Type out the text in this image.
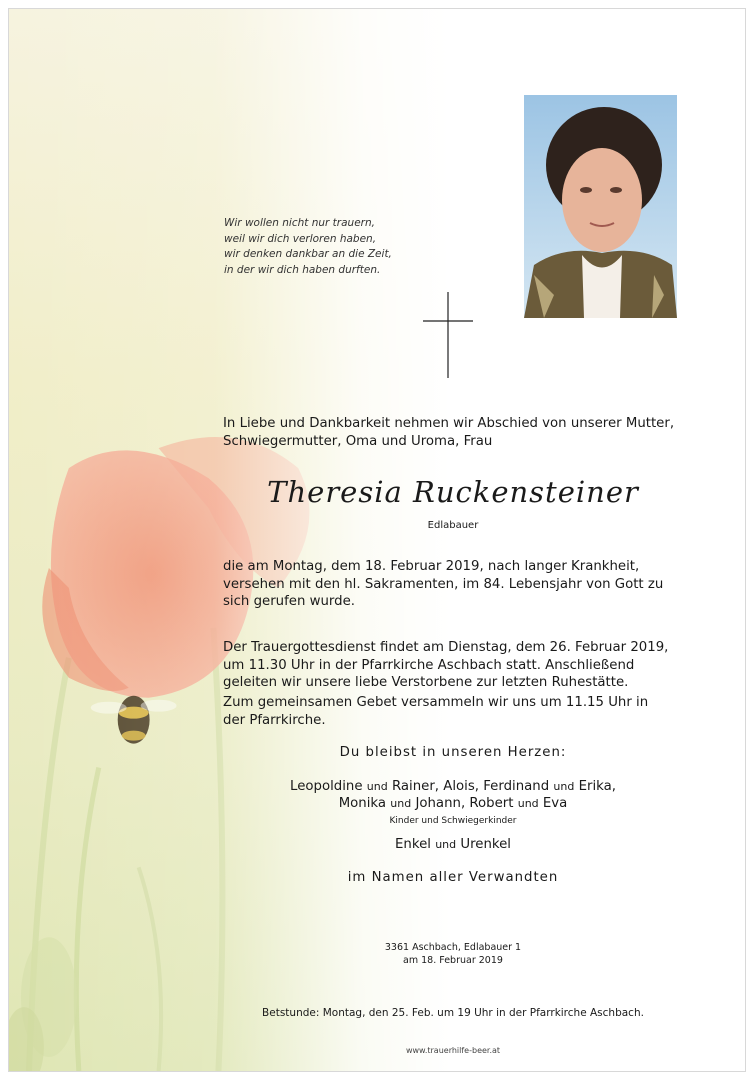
Wir wollen nicht nur trauern,
weil wir dich verloren haben,
wir denken dankbar an die Zeit,
in der wir dich haben durften.
In Liebe und Dankbarkeit nehmen wir Abschied von unserer Mutter,
Schwiegermutter, Oma und Uroma, Frau
Theresia Ruckensteiner
Edlabauer
die am Montag, dem 18. Februar 2019, nach langer Krankheit,
versehen mit den hl. Sakramenten, im 84. Lebensjahr von Gott zu
sich gerufen wurde.
Der Trauergottesdienst findet am Dienstag, dem 26. Februar 2019,
um 11.30 Uhr in der Pfarrkirche Aschbach statt. Anschließend
geleiten wir unsere liebe Verstorbene zur letzten Ruhestätte.
Zum gemeinsamen Gebet versammeln wir uns um 11.15 Uhr in
der Pfarrkirche.
Du bleibst in unseren Herzen:
Leopoldine und Rainer, Alois, Ferdinand und Erika,
Monika und Johann, Robert und Eva
Kinder und Schwiegerkinder
Enkel und Urenkel
im Namen aller Verwandten
3361 Aschbach, Edlabauer 1
am 18. Februar 2019
Betstunde: Montag, den 25. Feb. um 19 Uhr in der Pfarrkirche Aschbach.
www.trauerhilfe-beer.at
